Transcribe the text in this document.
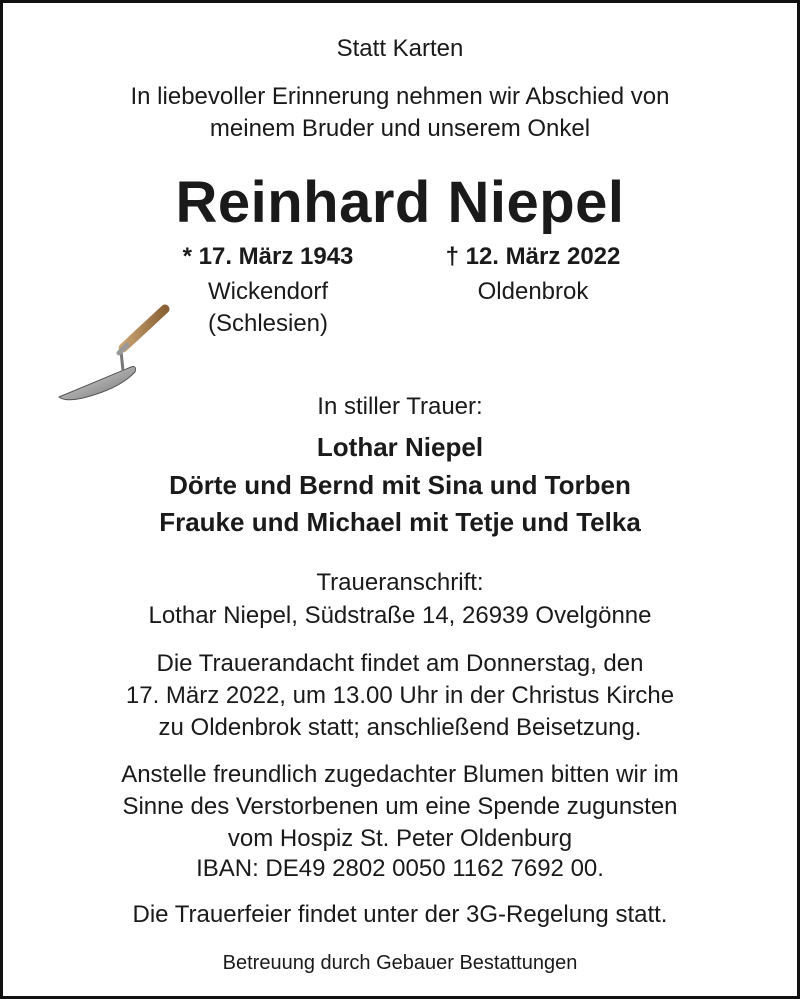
Statt Karten
In liebevoller Erinnerung nehmen wir Abschied von
meinem Bruder und unserem Onkel
Reinhard Niepel
* 17. März 1943
Wickendorf
(Schlesien)
† 12. März 2022
Oldenbrok
In stiller Trauer:
Lothar Niepel
Dörte und Bernd mit Sina und Torben
Frauke und Michael mit Tetje und Telka
Traueranschrift:
Lothar Niepel, Südstraße 14, 26939 Ovelgönne
Die Trauerandacht findet am Donnerstag, den
17. März 2022, um 13.00 Uhr in der Christus Kirche
zu Oldenbrok statt; anschließend Beisetzung.
Anstelle freundlich zugedachter Blumen bitten wir im
Sinne des Verstorbenen um eine Spende zugunsten
vom Hospiz St. Peter Oldenburg
IBAN: DE49 2802 0050 1162 7692 00.
Die Trauerfeier findet unter der 3G-Regelung statt.
Betreuung durch Gebauer Bestattungen
